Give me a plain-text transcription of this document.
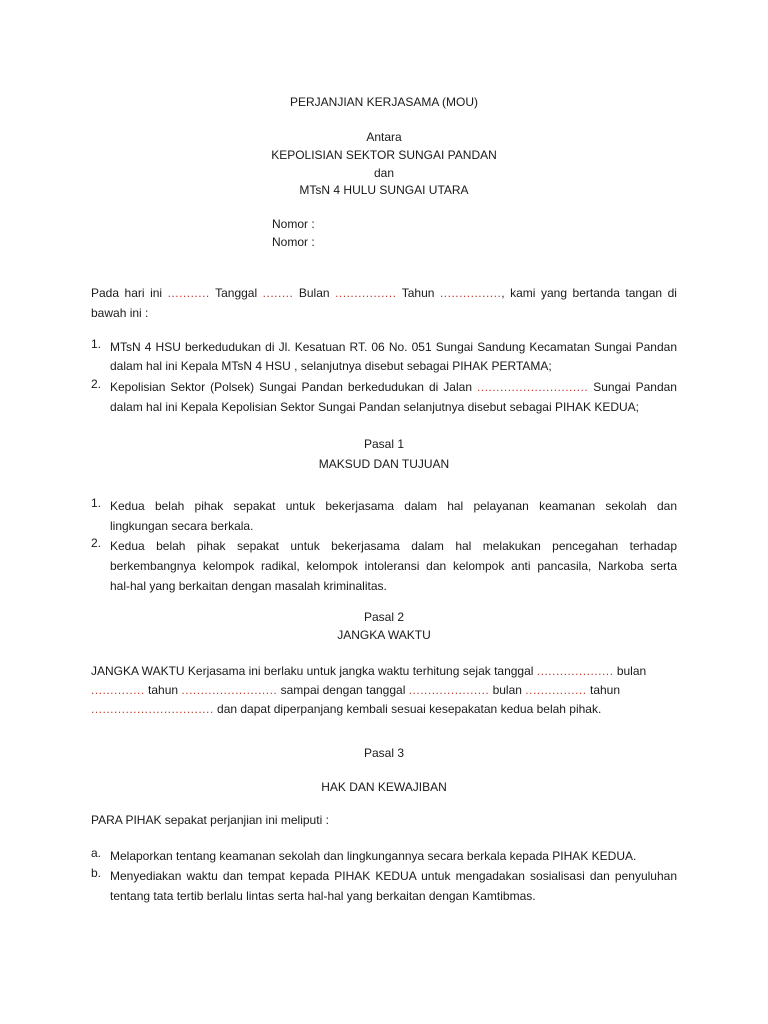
PERJANJIAN KERJASAMA (MOU)
Antara
KEPOLISIAN SEKTOR SUNGAI PANDAN
dan
MTsN 4 HULU SUNGAI UTARA
Nomor :
Nomor :
Pada hari ini ........... Tanggal ........ Bulan ................ Tahun ................, kami yang bertanda tangan di
bawah ini :
1. MTsN 4 HSU berkedudukan di Jl. Kesatuan RT. 06 No. 051 Sungai Sandung Kecamatan Sungai Pandan
dalam hal ini Kepala MTsN 4 HSU , selanjutnya disebut sebagai PIHAK PERTAMA;
2. Kepolisian Sektor (Polsek) Sungai Pandan berkedudukan di Jalan ............................. Sungai Pandan
dalam hal ini Kepala Kepolisian Sektor Sungai Pandan selanjutnya disebut sebagai PIHAK KEDUA;
Pasal 1
MAKSUD DAN TUJUAN
1. Kedua belah pihak sepakat untuk bekerjasama dalam hal pelayanan keamanan sekolah dan
lingkungan secara berkala.
2. Kedua belah pihak sepakat untuk bekerjasama dalam hal melakukan pencegahan terhadap
berkembangnya kelompok radikal, kelompok intoleransi dan kelompok anti pancasila, Narkoba serta
hal-hal yang berkaitan dengan masalah kriminalitas.
Pasal 2
JANGKA WAKTU
JANGKA WAKTU Kerjasama ini berlaku untuk jangka waktu terhitung sejak tanggal .................... bulan
.............. tahun ......................... sampai dengan tanggal ..................... bulan ................ tahun
................................ dan dapat diperpanjang kembali sesuai kesepakatan kedua belah pihak.
Pasal 3
HAK DAN KEWAJIBAN
PARA PIHAK sepakat perjanjian ini meliputi :
a. Melaporkan tentang keamanan sekolah dan lingkungannya secara berkala kepada PIHAK KEDUA.
b. Menyediakan waktu dan tempat kepada PIHAK KEDUA untuk mengadakan sosialisasi dan penyuluhan
tentang tata tertib berlalu lintas serta hal-hal yang berkaitan dengan Kamtibmas.
